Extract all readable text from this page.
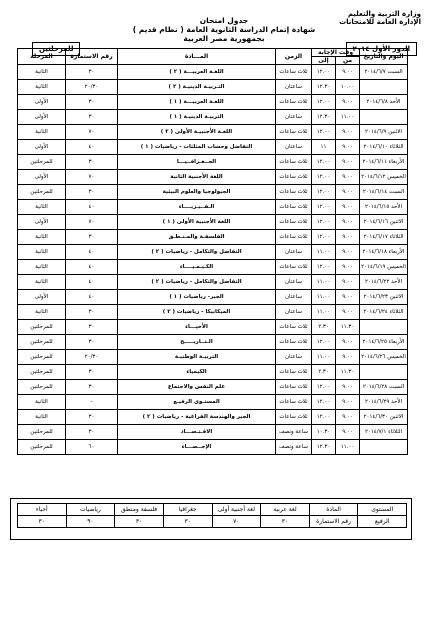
وزارة التربية والتعليم
الإدارة العامة للامتحانات
جدول امتحان
شهادة إتمام الدراسة الثانوية العامة ( نظام قديم )
بجمهورية مصر العربية
الدور الأول ٢٠١٤
للمرحلتين
اليوم والتاريخ	وقت الإجابة		الزمن	المـــادة	رقم الاستمارة	المرحلة
	من	إلى				
السبت ٢٠١٤/٦/٧	٩.٠٠	١٢.٠٠	ثلاث ساعات	اللغـة العربيـــة ( ٢ )	٣٠	الثانية
	١٠.٠٠	١٢.٣٠	ساعتان	التـربيـة الدينيـة ( ٢ )	٢٠/٣٠	الثانية
الأحد ٢٠١٤/٦/٨	٩.٠٠	١٢.٠٠	ثلاث ساعات	اللغـة العربيـــة ( ١ )	٣٠	الأولى
	١١.٠٠	١٢.٣٠	ساعتان	التربيـة الدينيـة ( ١ )	٣٠	الأولى
الاثنين ٢٠١٤/٦/٩	٩.٠٠	١٢.٠٠	ثلاث ساعات	اللغـة الأجنبيـة الأولى ( ٢ )	٧٠	الثانية
الثلاثاء ٢٠١٤/٦/١٠	٩.٠٠	١١	ساعتان	التفاضل وحساب المثلثات - رياضيات ( ١ )	٤٠	الأولى
الأربعاء ٢٠١٤/٦/١١	٩.٠٠	١٢.٠٠	ثلاث ساعات	الجــغـرافــيـــا	٣٠	للمرحلتين
الخميس ٢٠١٤/٦/١٢	٩.٠٠	١٢.٠٠	ثلاث ساعات	اللغة الأجنبية الثانية	٧٠	الأولى
السبت ٢٠١٤/٦/١٤	٩.٠٠	١٢.٠٠	ثلاث ساعات	الجيولوجيا والعلوم البيئية	٣٠	للمرحلتين
الأحد ٢٠١٤/٦/١٥	٩.٠٠	١٢.٠٠	ثلاث ساعات	الـفــيـزيــــاء	٤٠	الثانية
الاثنين ٢٠١٤/٦/١٦	٩.٠٠	١٢.٠٠	ثلاث ساعات	اللغة الأجنبية الأولى ( ١ )	٧٠	الأولى
الثلاثاء ٢٠١٤/٦/١٧	٩.٠٠	١٢.٠٠	ثلاث ساعات	الفلسفـة والمـنـطـق	٣٠	الثانية
الأربعاء ٢٠١٤/٦/١٨	٩.٠٠	١١.٠٠	ساعتان	التفاضل والتكامل - رياضيات ( ٢ )	٤٠	الثانية
الخميس ٢٠١٤/٦/١٩	٩.٠٠	١٢.٠٠	ثلاث ساعات	الكـيـمـيــــاء	٤٠	الثانية
الأحد ٢٠١٤/٦/٢٢	٩.٠٠	١١.٠٠	ساعتان	التفاضل والتكامل - رياضيات ( ٢ )	٤٠	الثانية
الاثنين ٢٠١٤/٦/٢٣	٩.٠٠	١١.٠٠	ساعتان	الجبر- رياضيات ( ١ )	٤٠	الأولى
الثلاثاء ٢٠١٤/٦/٢٤	٩.٠٠	١١.٠٠	ساعتان	الميكانيكا - رياضيات ( ٢ )	٣٠	الثانية
	١١.٣٠	٢.٣٠	ثلاث ساعات	الأحيـــاء	٣٠	للمرحلتين
الأربعاء ٢٠١٤/٦/٢٥	٩.٠٠	١٢.٠٠	ثلاث ساعات	الـتــاريـــــخ	٣٠	للمرحلتين
الخميس ٢٠١٤/٦/٢٦	٩.٠٠	١١.٠٠	ساعتان	التربيـة الوطنيـة	٢٠/٣٠	للمرحلتين
	١١.٣٠	٢.٣٠	ثلاث ساعات	الكيمياء	٣٠	للمرحلتين
السبت ٢٠١٤/٦/٢٨	٩.٠٠	١٢.٠٠	ثلاث ساعات	علم النفس والاجتماع	٣٠	للمرحلتين
الأحد ٢٠١٤/٦/٢٩	٩.٠٠	١٢.٠٠	ثلاث ساعات	المستـوى الرفيـع	-	الثانية
الاثنين ٢٠١٤/٦/٣٠	٩.٠٠	١٢.٠٠	ثلاث ساعات	الجبر والهندسة الفراغية - رياضيات ( ٢ )	٣٠	الثانية
الثلاثاء ٢٠١٤/٧/١	٩.٠٠	١٠.٣٠	ساعة ونصف	الاقـتـصـــاد	٣٠	للمرحلتين
	١١.٠٠	١٢.٣٠	ساعة ونصف	الإحــصـــاء	٦٠	للمرحلتين
المستوى	المادة	لغة عربية	لغة أجنبية أولى	جغرافيا	فلسفة ومنطق	رياضيات	أحياء
الرفيع	رقم الاستمارة	٣٠	٧٠	٣٠	٣٠	٩٠	٣٠
